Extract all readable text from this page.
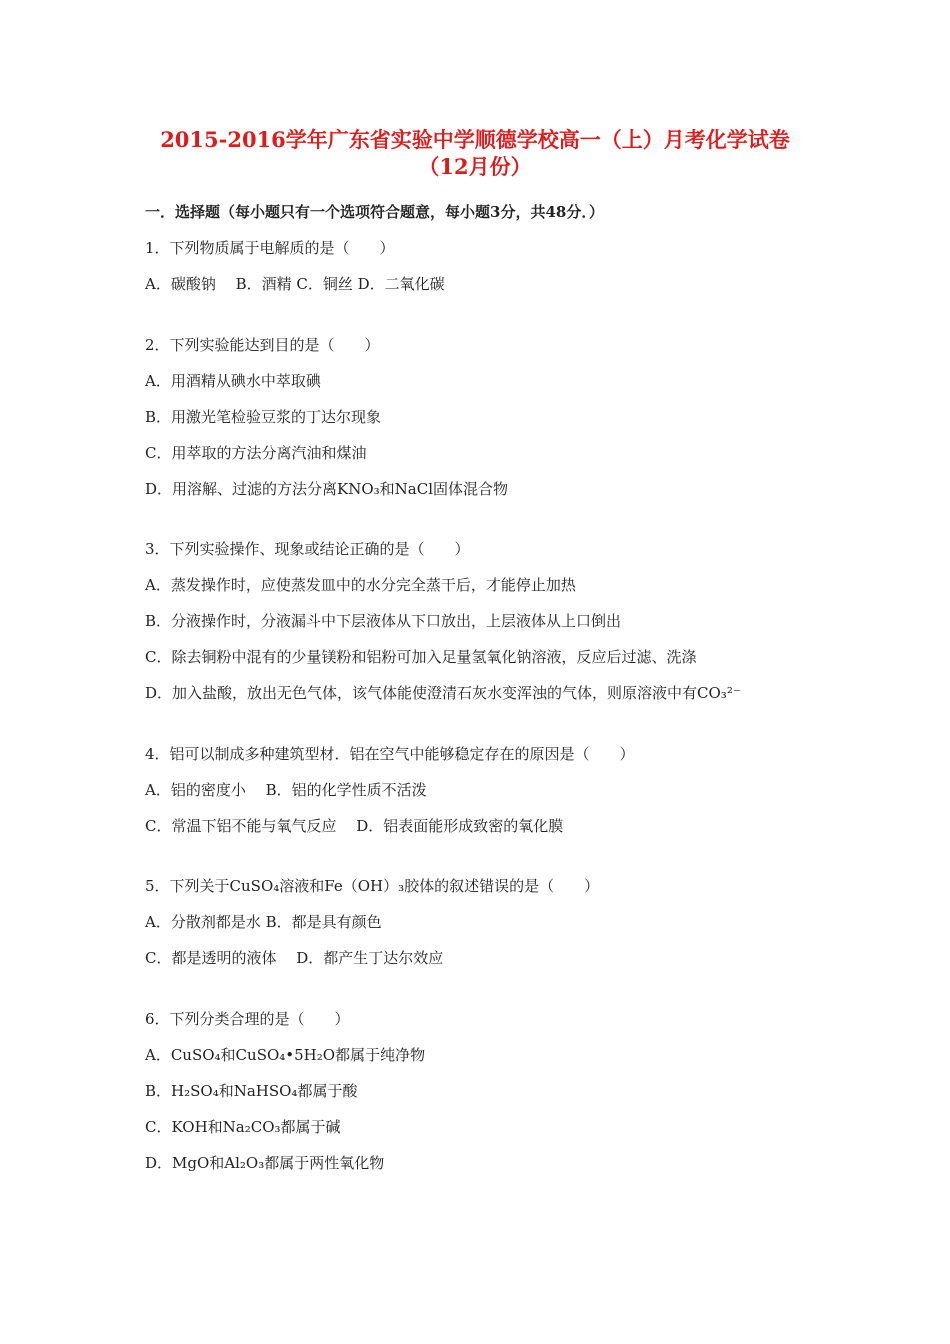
2015-2016学年广东省实验中学顺德学校高一（上）月考化学试卷
（12月份）
一．选择题（每小题只有一个选项符合题意，每小题3分，共48分．）
1．下列物质属于电解质的是（　　）
A．碳酸钠　 B．酒精 C．铜丝 D．二氧化碳
2．下列实验能达到目的是（　　）
A．用酒精从碘水中萃取碘
B．用激光笔检验豆浆的丁达尔现象
C．用萃取的方法分离汽油和煤油
D．用溶解、过滤的方法分离KNO₃和NaCl固体混合物
3．下列实验操作、现象或结论正确的是（　　）
A．蒸发操作时，应使蒸发皿中的水分完全蒸干后，才能停止加热
B．分液操作时，分液漏斗中下层液体从下口放出，上层液体从上口倒出
C．除去铜粉中混有的少量镁粉和铝粉可加入足量氢氧化钠溶液，反应后过滤、洗涤
D．加入盐酸，放出无色气体，该气体能使澄清石灰水变浑浊的气体，则原溶液中有CO₃²⁻
4．铝可以制成多种建筑型材．铝在空气中能够稳定存在的原因是（　　）
A．铝的密度小　 B．铝的化学性质不活泼
C．常温下铝不能与氧气反应　 D．铝表面能形成致密的氧化膜
5．下列关于CuSO₄溶液和Fe（OH）₃胶体的叙述错误的是（　　）
A．分散剂都是水 B．都是具有颜色
C．都是透明的液体　 D．都产生丁达尔效应
6．下列分类合理的是（　　）
A．CuSO₄和CuSO₄•5H₂O都属于纯净物
B．H₂SO₄和NaHSO₄都属于酸
C．KOH和Na₂CO₃都属于碱
D．MgO和Al₂O₃都属于两性氧化物
